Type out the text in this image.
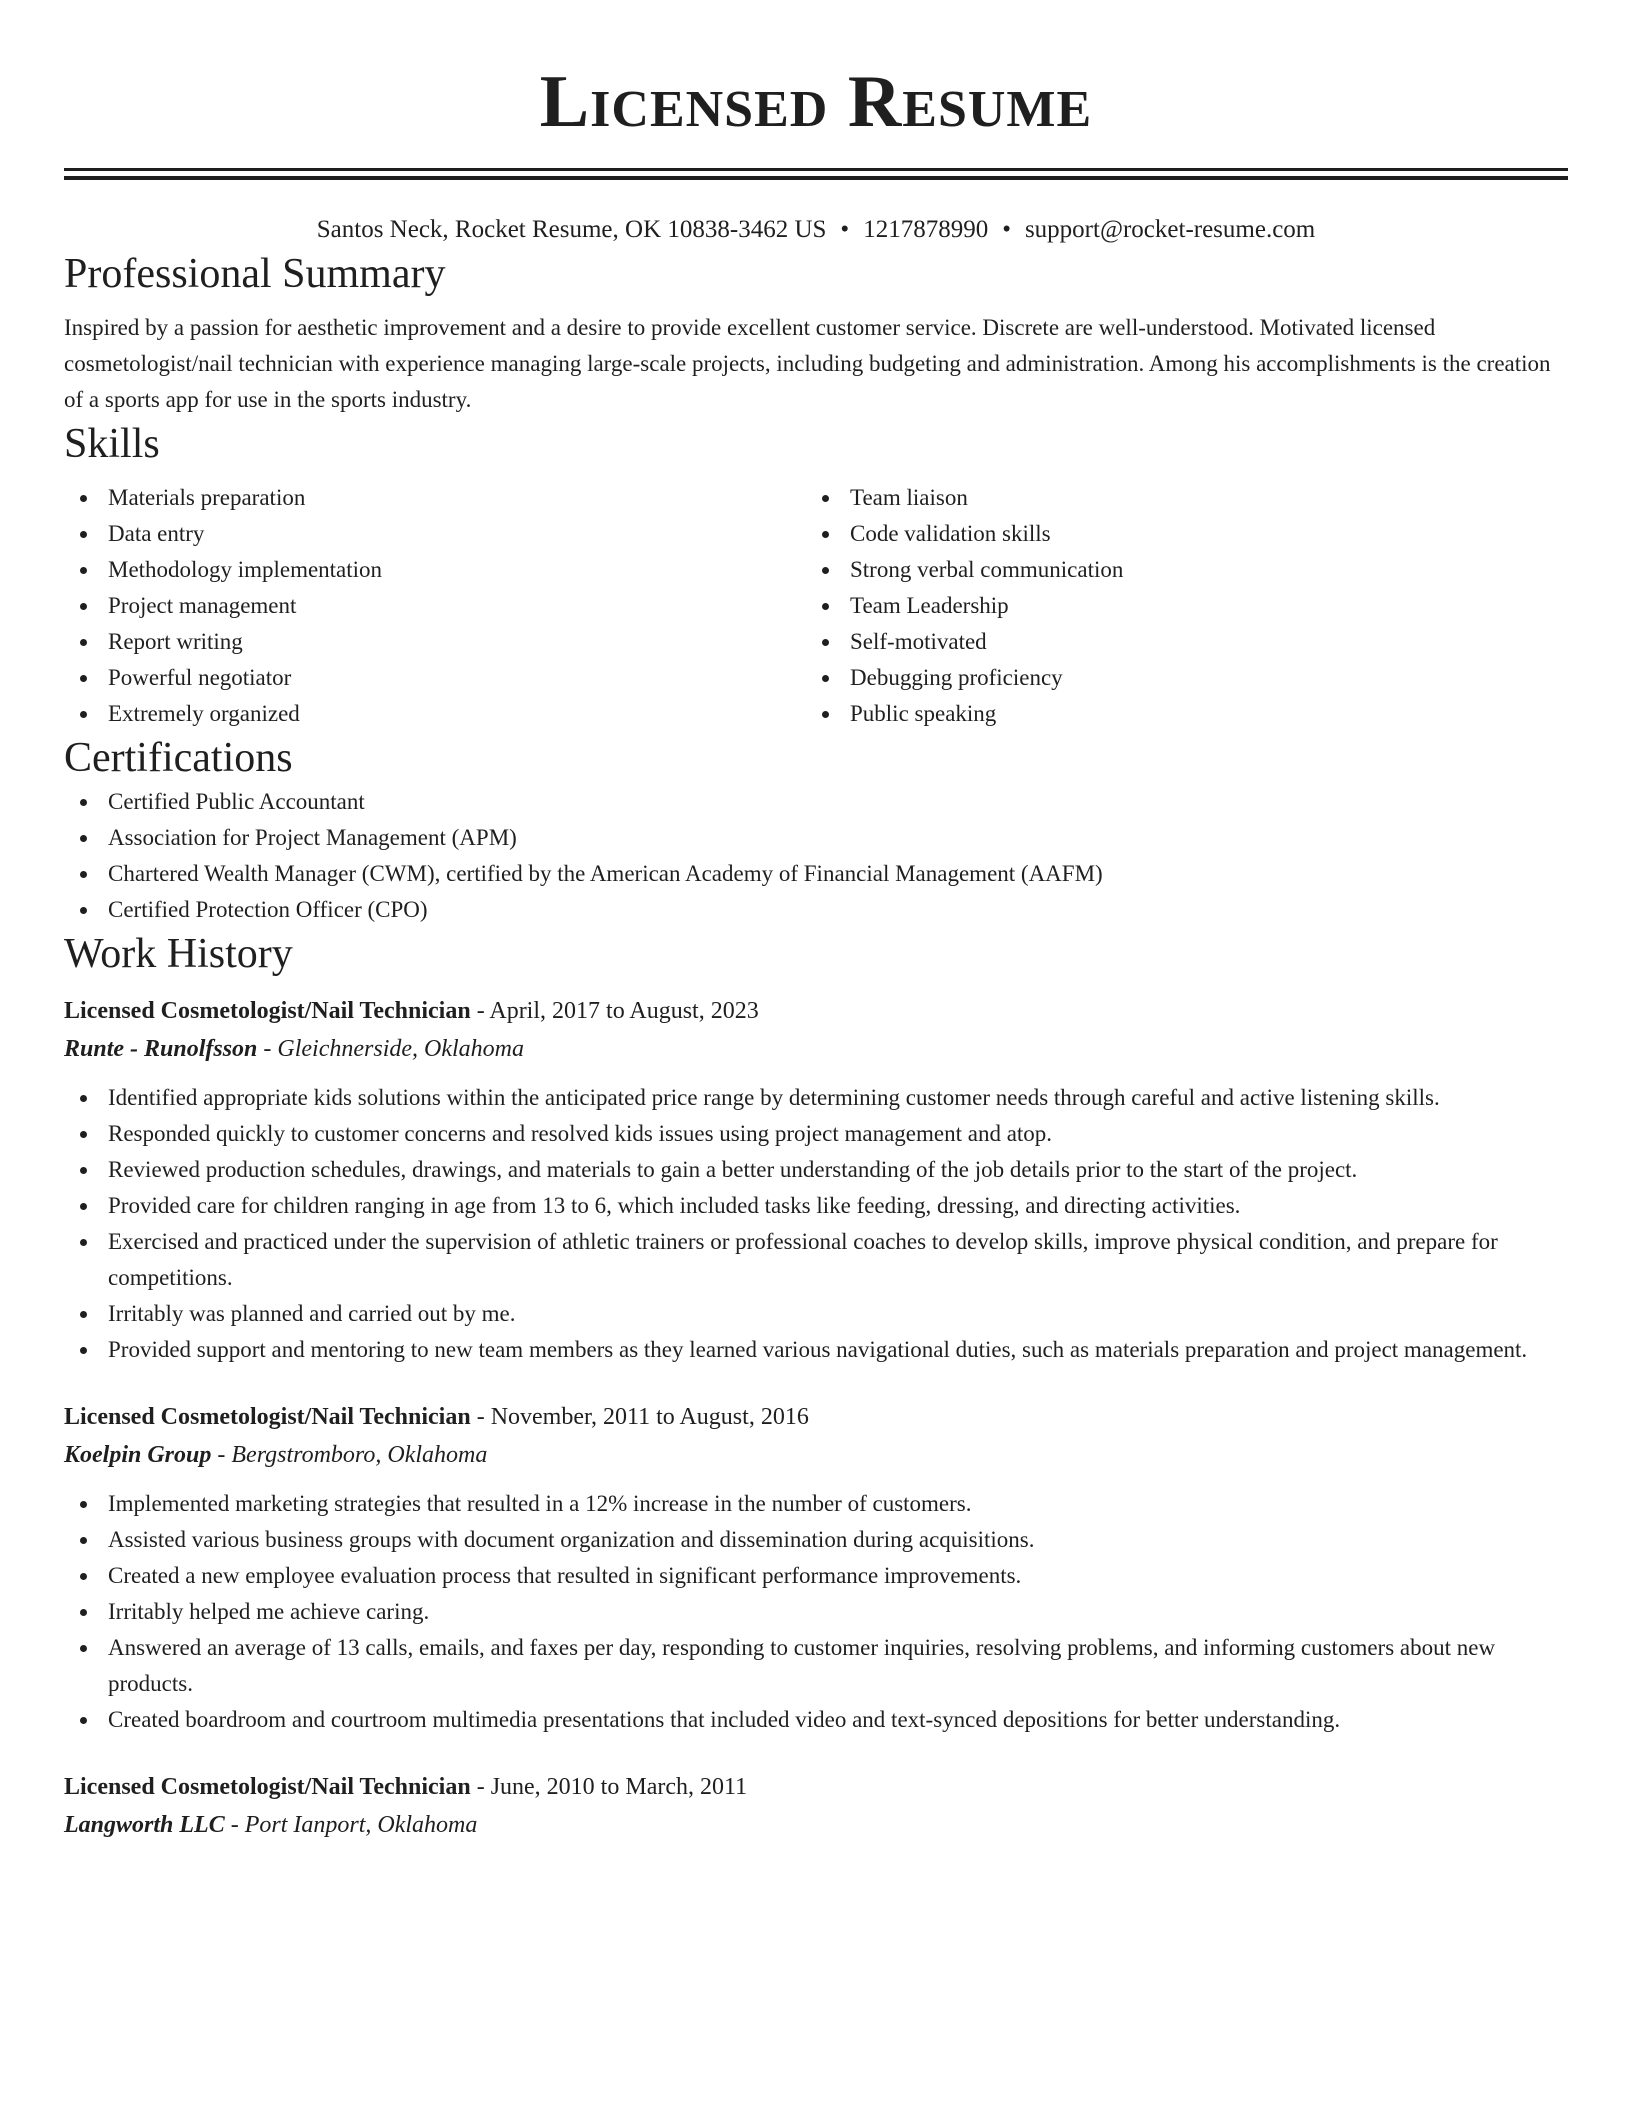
Licensed Resume
Santos Neck, Rocket Resume, OK 10838-3462 US • 1217878990 • support@rocket-resume.com
Professional Summary

Inspired by a passion for aesthetic improvement and a desire to provide excellent customer service. Discrete are well-understood. Motivated licensed cosmetologist/nail technician with experience managing large-scale projects, including budgeting and administration. Among his accomplishments is the creation of a sports app for use in the sports industry.

Skills
Materials preparation
Data entry
Methodology implementation
Project management
Report writing
Powerful negotiator
Extremely organized
Team liaison
Code validation skills
Strong verbal communication
Team Leadership
Self-motivated
Debugging proficiency
Public speaking
Certifications
Certified Public Accountant
Association for Project Management (APM)
Chartered Wealth Manager (CWM), certified by the American Academy of Financial Management (AAFM)
Certified Protection Officer (CPO)
Work History
Licensed Cosmetologist/Nail Technician - April, 2017 to August, 2023
Runte - Runolfsson - Gleichnerside, Oklahoma
Identified appropriate kids solutions within the anticipated price range by determining customer needs through careful and active listening skills.
Responded quickly to customer concerns and resolved kids issues using project management and atop.
Reviewed production schedules, drawings, and materials to gain a better understanding of the job details prior to the start of the project.
Provided care for children ranging in age from 13 to 6, which included tasks like feeding, dressing, and directing activities.
Exercised and practiced under the supervision of athletic trainers or professional coaches to develop skills, improve physical condition, and prepare for competitions.
Irritably was planned and carried out by me.
Provided support and mentoring to new team members as they learned various navigational duties, such as materials preparation and project management.
Licensed Cosmetologist/Nail Technician - November, 2011 to August, 2016
Koelpin Group - Bergstromboro, Oklahoma
Implemented marketing strategies that resulted in a 12% increase in the number of customers.
Assisted various business groups with document organization and dissemination during acquisitions.
Created a new employee evaluation process that resulted in significant performance improvements.
Irritably helped me achieve caring.
Answered an average of 13 calls, emails, and faxes per day, responding to customer inquiries, resolving problems, and informing customers about new products.
Created boardroom and courtroom multimedia presentations that included video and text-synced depositions for better understanding.
Licensed Cosmetologist/Nail Technician - June, 2010 to March, 2011
Langworth LLC - Port Ianport, Oklahoma
